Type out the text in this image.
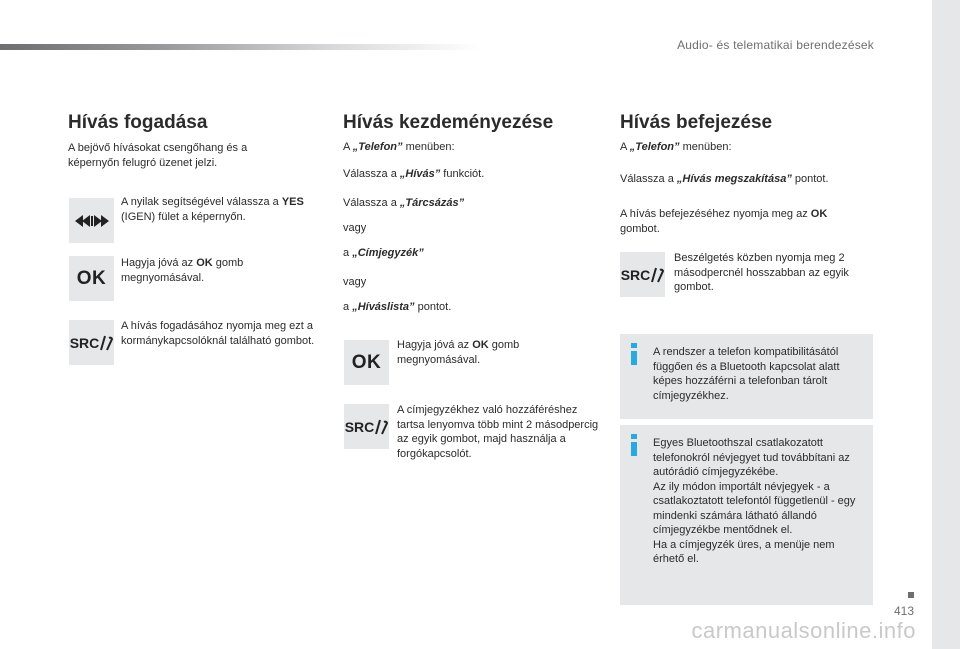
Audio- és telematikai berendezések
413
carmanualsonline.info
Hívás fogadása

A bejövő hívásokat csengőhang és a képernyőn felugró üzenet jelzi.

A nyilak segítségével válassza a YES (IGEN) fület a képernyőn.

OK

Hagyja jóvá az OK gomb megnyomásával.

SRC

A hívás fogadásához nyomja meg ezt a kormánykapcsolóknál található gombot.

Hívás kezdeményezése

A „Telefon” menüben:

Válassza a „Hívás” funkciót.

Válassza a „Tárcsázás”

vagy

a „Címjegyzék”

vagy

a „Híváslista” pontot.

OK

Hagyja jóvá az OK gomb megnyomásával.

SRC

A címjegyzékhez való hozzáféréshez tartsa lenyomva több mint 2 másodpercig az egyik gombot, majd használja a forgókapcsolót.

Hívás befejezése

A „Telefon” menüben:

Válassza a „Hívás megszakítása” pontot.

A hívás befejezéséhez nyomja meg az OK gombot.

SRC

Beszélgetés közben nyomja meg 2 másodpercnél hosszabban az egyik gombot.

A rendszer a telefon kompatibilitásától függően és a Bluetooth kapcsolat alatt képes hozzáférni a telefonban tárolt címjegyzékhez.
Egyes Bluetoothszal csatlakozatott telefonokról névjegyet tud továbbítani az autórádió címjegyzékébe.
Az ily módon importált névjegyek - a csatlakoztatott telefontól függetlenül - egy mindenki számára látható állandó címjegyzékbe mentődnek el.
Ha a címjegyzék üres, a menüje nem érhető el.
